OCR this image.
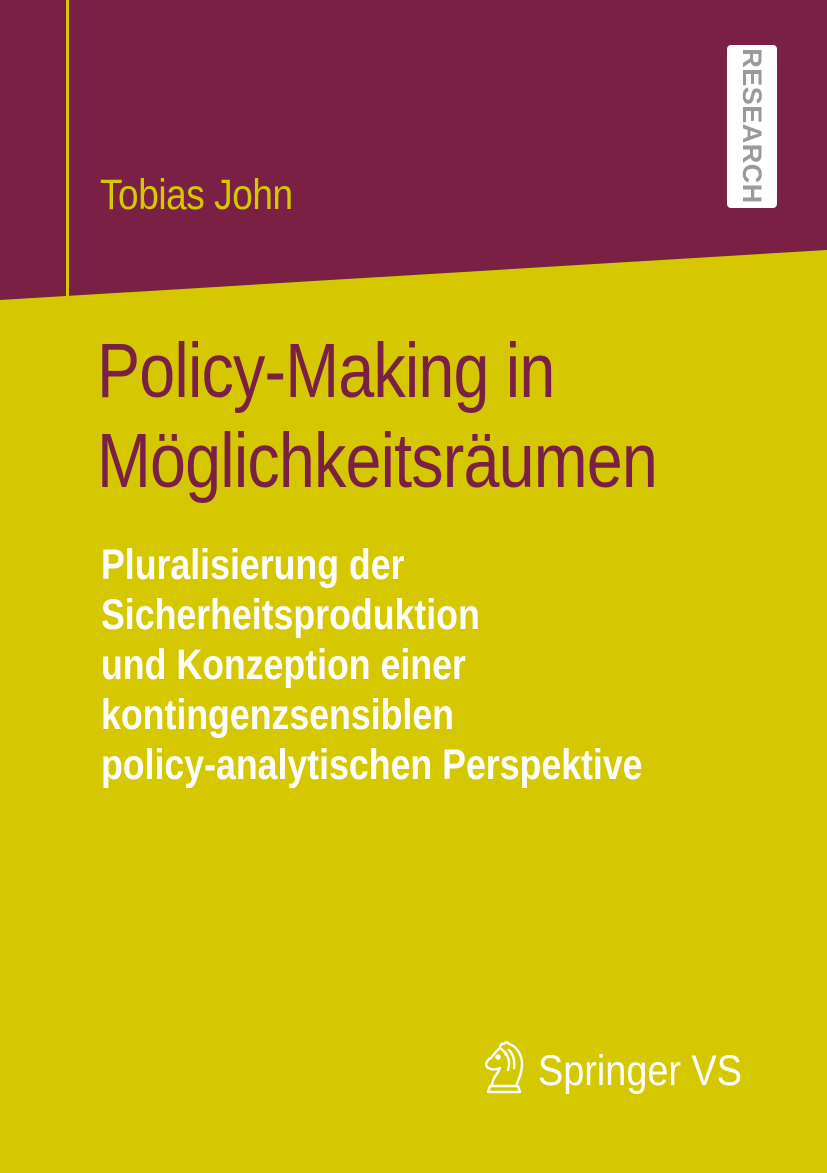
Tobias John	RESEARCH
Policy-Making in
Möglichkeitsräumen
Pluralisierung der
Sicherheitsproduktion
und Konzeption einer
kontingenzsensiblen
policy-analytischen Perspektive
Springer VS
